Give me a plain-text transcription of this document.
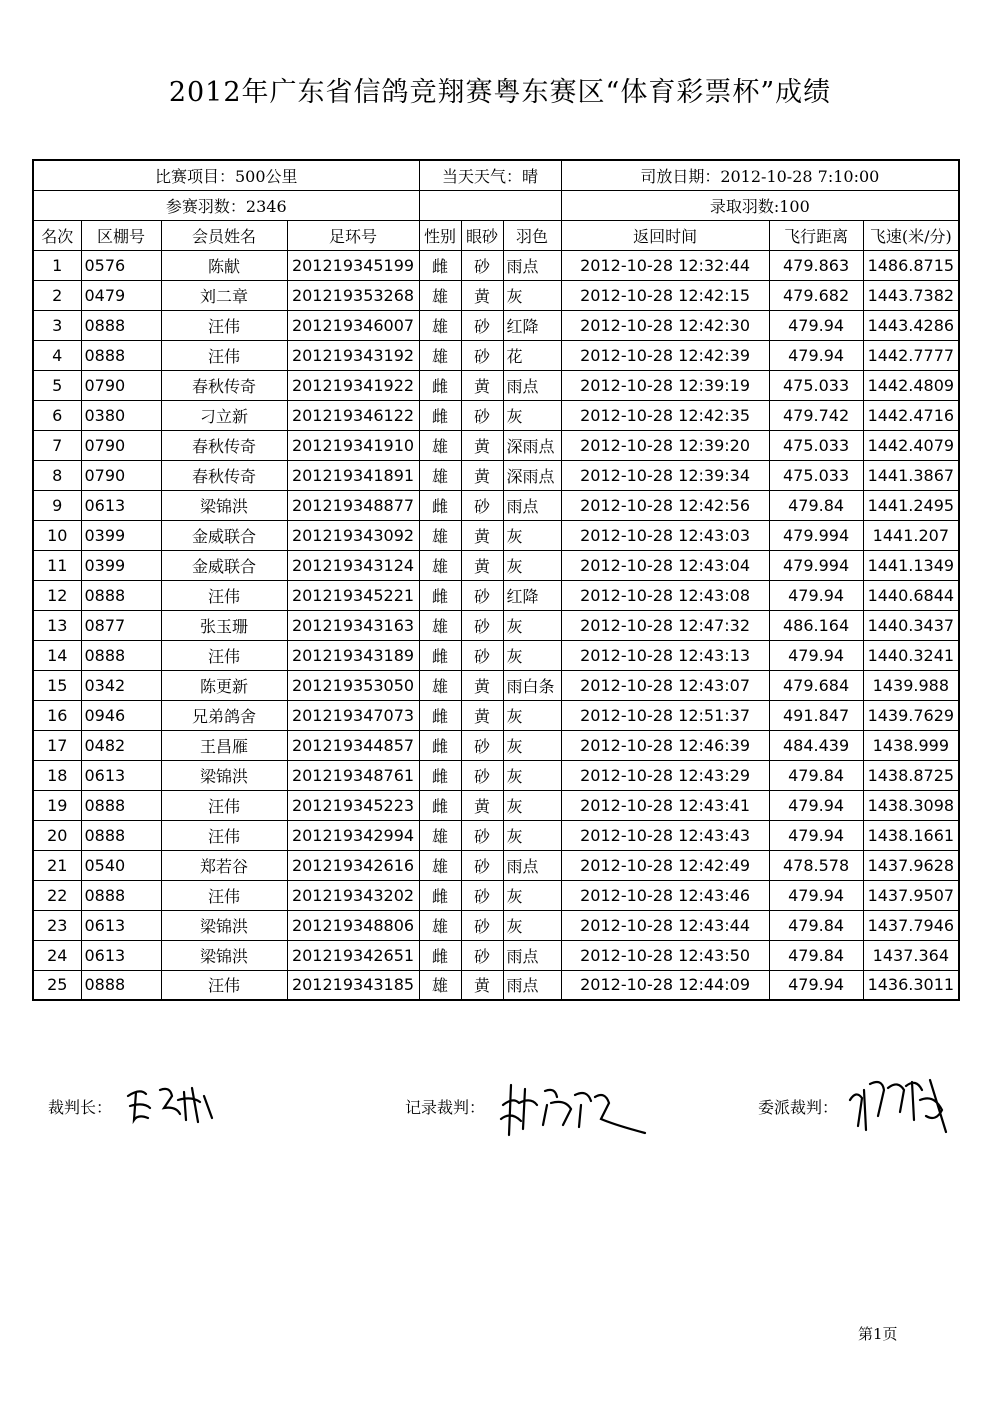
2012年广东省信鸽竞翔赛粤东赛区“体育彩票杯”成绩
比赛项目：500公里				当天天气：晴			司放日期：2012-10-28 7:10:00		
参赛羽数：2346							录取羽数:100		
名次	区棚号	会员姓名	足环号	性别	眼砂	羽色	返回时间	飞行距离	飞速(米/分)
1	0576	陈献	201219345199	雌	砂	雨点	2012-10-28 12:32:44	479.863	1486.8715
2	0479	刘二章	201219353268	雄	黄	灰	2012-10-28 12:42:15	479.682	1443.7382
3	0888	汪伟	201219346007	雄	砂	红降	2012-10-28 12:42:30	479.94	1443.4286
4	0888	汪伟	201219343192	雄	砂	花	2012-10-28 12:42:39	479.94	1442.7777
5	0790	春秋传奇	201219341922	雌	黄	雨点	2012-10-28 12:39:19	475.033	1442.4809
6	0380	刁立新	201219346122	雌	砂	灰	2012-10-28 12:42:35	479.742	1442.4716
7	0790	春秋传奇	201219341910	雄	黄	深雨点	2012-10-28 12:39:20	475.033	1442.4079
8	0790	春秋传奇	201219341891	雄	黄	深雨点	2012-10-28 12:39:34	475.033	1441.3867
9	0613	梁锦洪	201219348877	雌	砂	雨点	2012-10-28 12:42:56	479.84	1441.2495
10	0399	金威联合	201219343092	雄	黄	灰	2012-10-28 12:43:03	479.994	1441.207
11	0399	金威联合	201219343124	雄	黄	灰	2012-10-28 12:43:04	479.994	1441.1349
12	0888	汪伟	201219345221	雌	砂	红降	2012-10-28 12:43:08	479.94	1440.6844
13	0877	张玉珊	201219343163	雄	砂	灰	2012-10-28 12:47:32	486.164	1440.3437
14	0888	汪伟	201219343189	雌	砂	灰	2012-10-28 12:43:13	479.94	1440.3241
15	0342	陈更新	201219353050	雄	黄	雨白条	2012-10-28 12:43:07	479.684	1439.988
16	0946	兄弟鸽舍	201219347073	雌	黄	灰	2012-10-28 12:51:37	491.847	1439.7629
17	0482	王昌雁	201219344857	雌	砂	灰	2012-10-28 12:46:39	484.439	1438.999
18	0613	梁锦洪	201219348761	雌	砂	灰	2012-10-28 12:43:29	479.84	1438.8725
19	0888	汪伟	201219345223	雌	黄	灰	2012-10-28 12:43:41	479.94	1438.3098
20	0888	汪伟	201219342994	雄	砂	灰	2012-10-28 12:43:43	479.94	1438.1661
21	0540	郑若谷	201219342616	雄	砂	雨点	2012-10-28 12:42:49	478.578	1437.9628
22	0888	汪伟	201219343202	雌	砂	灰	2012-10-28 12:43:46	479.94	1437.9507
23	0613	梁锦洪	201219348806	雄	砂	灰	2012-10-28 12:43:44	479.84	1437.7946
24	0613	梁锦洪	201219342651	雌	砂	雨点	2012-10-28 12:43:50	479.84	1437.364
25	0888	汪伟	201219343185	雄	黄	雨点	2012-10-28 12:44:09	479.94	1436.3011
裁判长：	记录裁判：	委派裁判：
第1页
